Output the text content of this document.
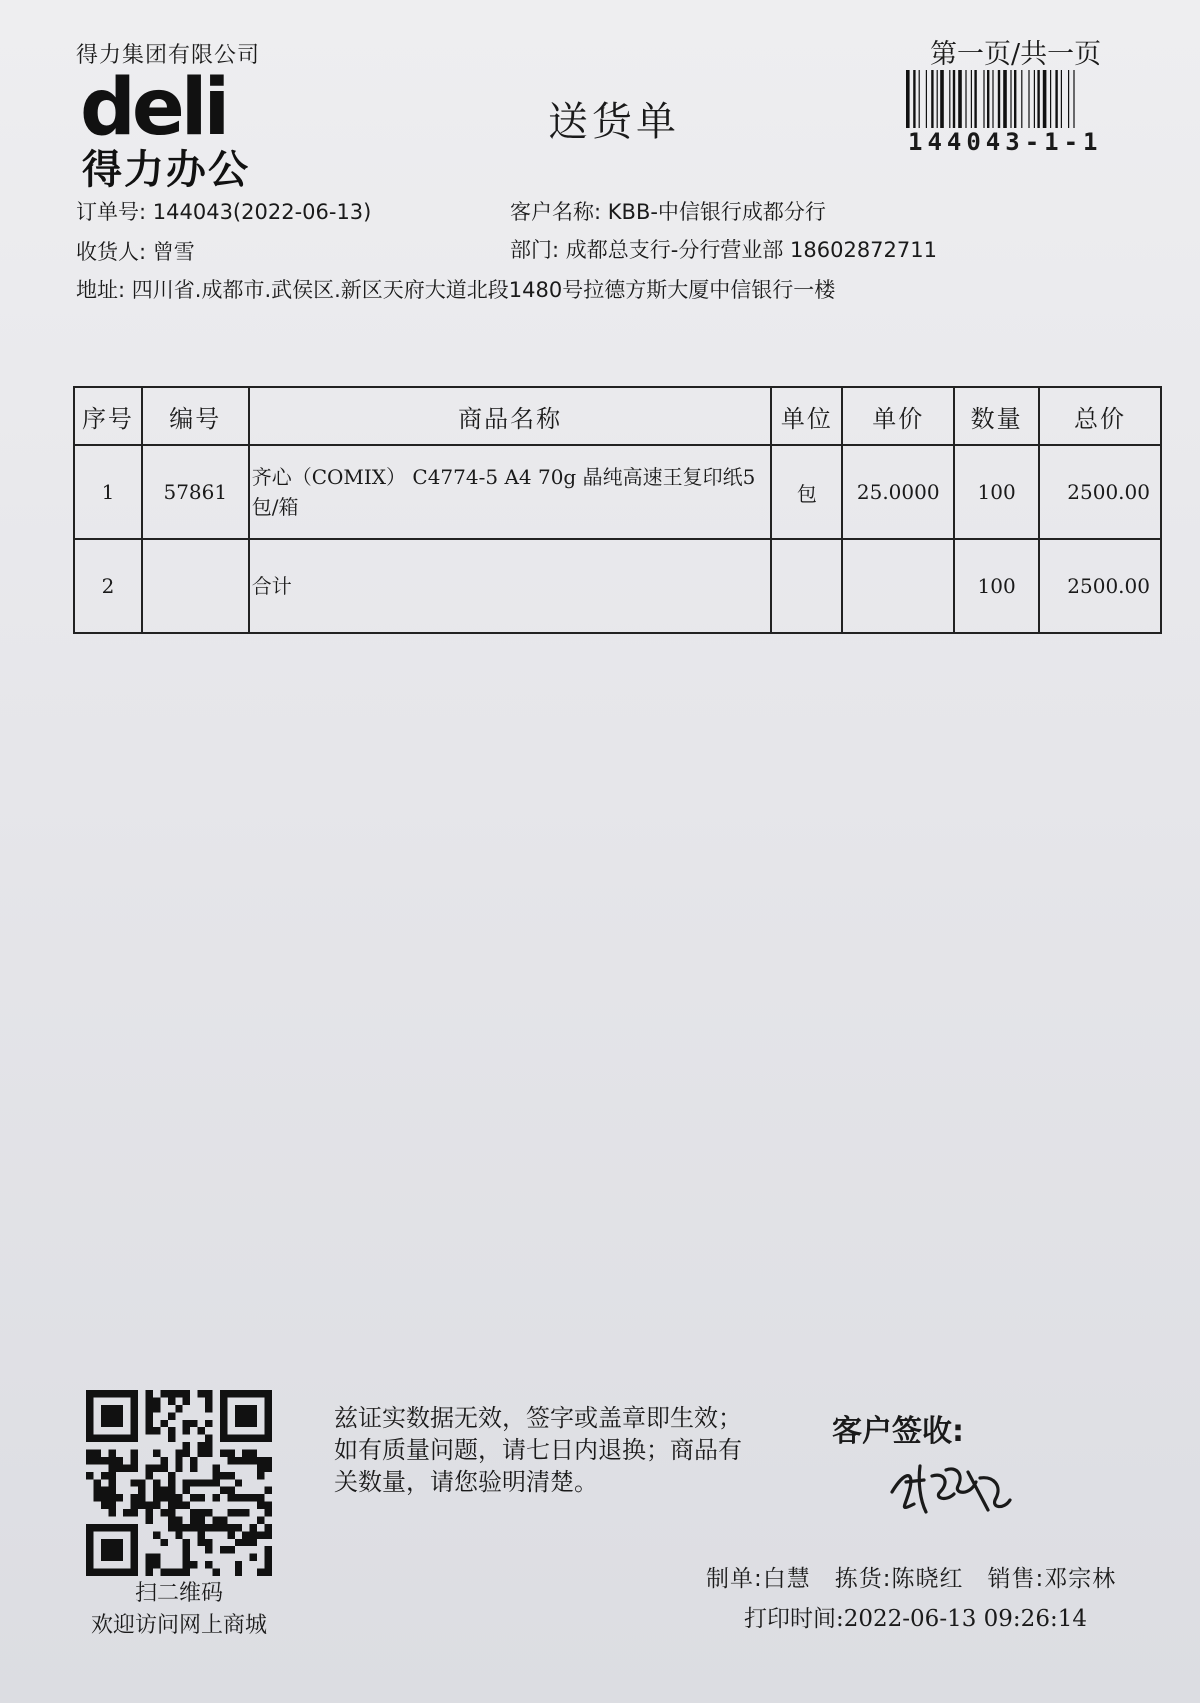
得力集团有限公司
deli
得力办公
送货单
第一页/共一页
144043-1-1
订单号: 144043(2022-06-13)	客户名称: KBB-中信银行成都分行
收货人: 曾雪	部门: 成都总支行-分行营业部 18602872711
地址: 四川省.成都市.武侯区.新区天府大道北段1480号拉德方斯大厦中信银行一楼
序号	编号	商品名称	单位	单价	数量	总价
1	57861	齐心（COMIX） C4774-5 A4 70g 晶纯高速王复印纸5包/箱	包	25.0000	100	2500.00
2		合计			100	2500.00
扫二维码
欢迎访问网上商城
兹证实数据无效，签字或盖章即生效；如有质量问题，请七日内退换；商品有关数量，请您验明清楚。
客户签收:
制单:白慧　拣货:陈晓红　销售:邓宗林
打印时间:2022-06-13 09:26:14
